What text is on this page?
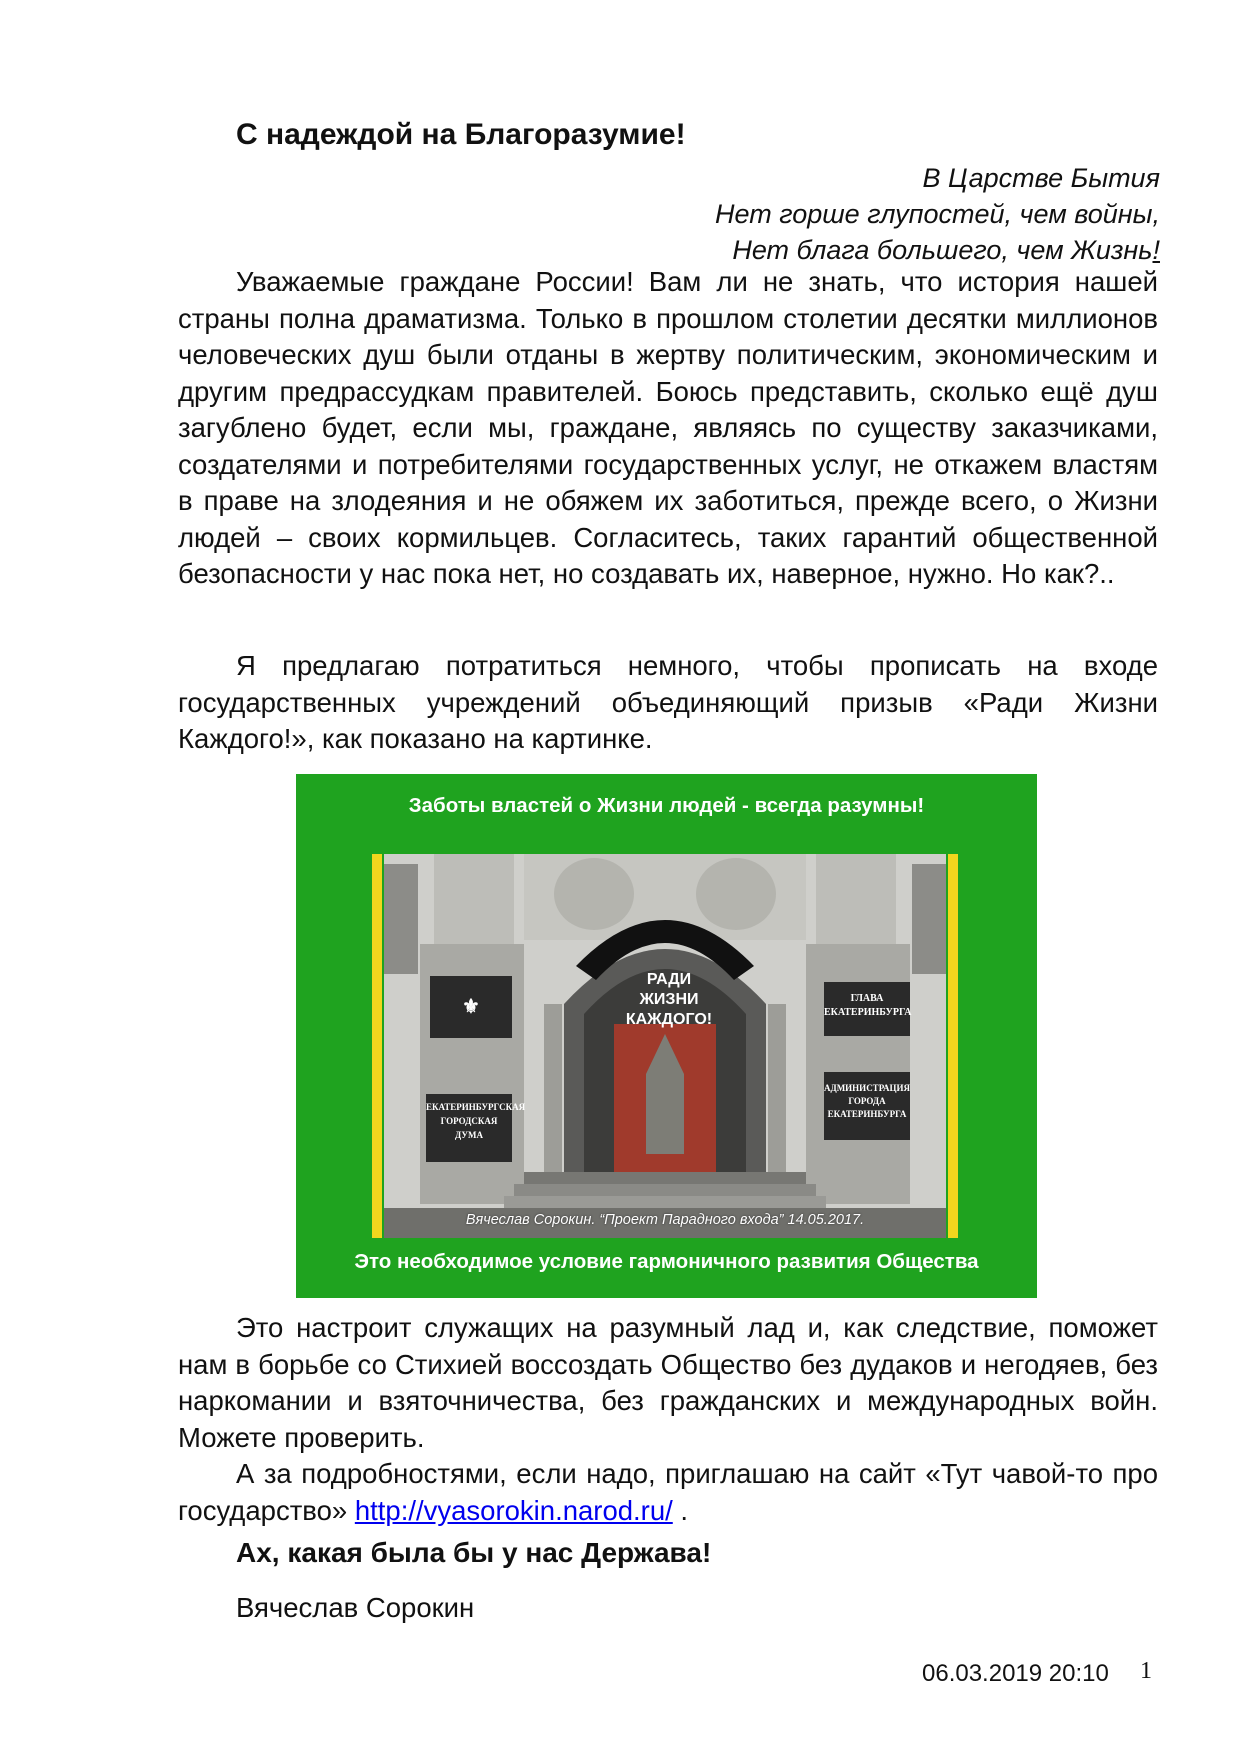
С надеждой на Благоразумие!
В Царстве Бытия
Нет горше глупостей, чем войны,
Нет блага большего, чем Жизнь!

Уважаемые граждане России! Вам ли не знать, что история нашей страны полна драматизма. Только в прошлом столетии десятки миллионов человеческих душ были отданы в жертву политическим, экономическим и другим предрассудкам правителей. Боюсь представить, сколько ещё душ загублено будет, если мы, граждане, являясь по существу заказчиками, создателями и потребителями государственных услуг, не откажем властям в праве на злодеяния и не обяжем их заботиться, прежде всего, о Жизни людей – своих кормильцев. Согласитесь, таких гарантий общественной безопасности у нас пока нет, но создавать их, наверное, нужно. Но как?..

Я предлагаю потратиться немного, чтобы прописать на входе государственных учреждений объединяющий призыв «Ради Жизни Каждого!», как показано на картинке.

Заботы властей о Жизни людей - всегда разумны!
РАДИ
ЖИЗНИ
КАЖДОГО!
⚜
ЕКАТЕРИНБУРГСКАЯ
ГОРОДСКАЯ ДУМА
ГЛАВА
ЕКАТЕРИНБУРГА
АДМИНИСТРАЦИЯ
ГОРОДА
ЕКАТЕРИНБУРГА
Вячеслав Сорокин. “Проект Парадного входа” 14.05.2017.
Это необходимое условие гармоничного развития Общества

Это настроит служащих на разумный лад и, как следствие, поможет нам в борьбе со Стихией воссоздать Общество без дудаков и негодяев, без наркомании и взяточничества, без гражданских и международных войн. Можете проверить.

А за подробностями, если надо, приглашаю на сайт «Тут чавой-то про государство» http://vyasorokin.narod.ru/ .

Ах, какая была бы у нас Держава!
Вячеслав Сорокин
06.03.2019 20:10 1
